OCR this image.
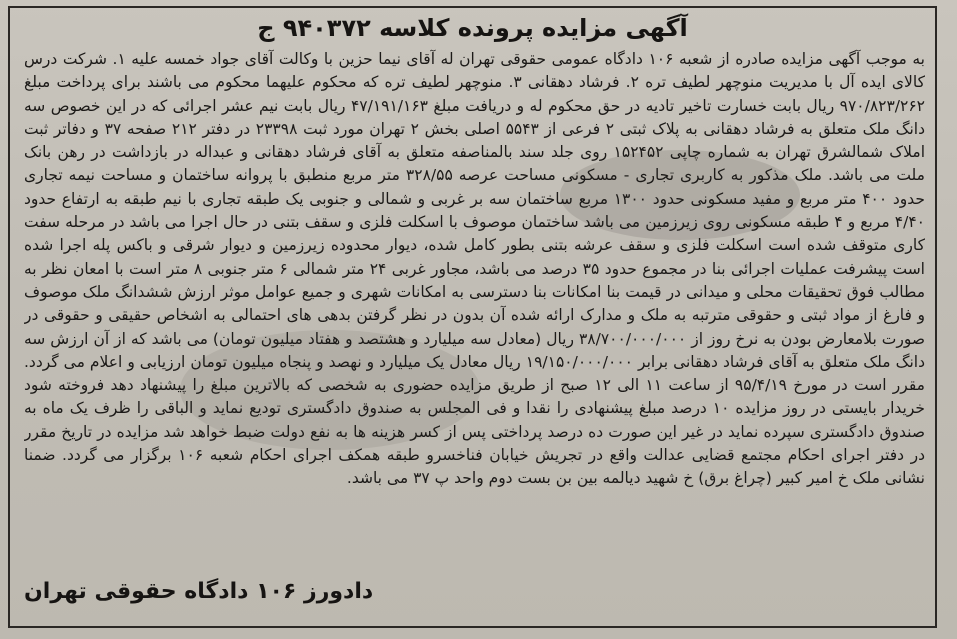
آگهی مزایده پرونده کلاسه ۹۴۰۳۷۲ ج
به موجب آگهی مزایده صادره از شعبه ۱۰۶ دادگاه عمومی حقوقی تهران له آقای نیما حزین با وکالت آقای جواد خمسه علیه ۱. شرکت درس کالای ایده آل با مدیریت منوچهر لطیف تره ۲. فرشاد دهقانی ۳. منوچهر لطیف تره که محکوم علیهما محکوم می باشند برای پرداخت مبلغ ۹۷۰/۸۲۳/۲۶۲ ریال بابت خسارت تاخیر تادیه در حق محکوم له و دریافت مبلغ ۴۷/۱۹۱/۱۶۳ ریال بابت نیم عشر اجرائی که در این خصوص سه دانگ ملک متعلق به فرشاد دهقانی به پلاک ثبتی ۲ فرعی از ۵۵۴۳ اصلی بخش ۲ تهران مورد ثبت ۲۳۳۹۸ در دفتر ۲۱۲ صفحه ۳۷ و دفاتر ثبت املاک شمالشرق تهران به شماره چاپی ۱۵۲۴۵۲ روی جلد سند بالمناصفه متعلق به آقای فرشاد دهقانی و عبداله در بازداشت در رهن بانک ملت می باشد. ملک مذکور به کاربری تجاری - مسکونی مساحت عرصه ۳۲۸/۵۵ متر مربع منطبق با پروانه ساختمان و مساحت نیمه تجاری حدود ۴۰۰ متر مربع و مفید مسکونی حدود ۱۳۰۰ مربع ساختمان سه بر غربی و شمالی و جنوبی یک طبقه تجاری با نیم طبقه به ارتفاع حدود ۴/۴۰ مربع و ۴ طبقه مسکونی روی زیرزمین می باشد ساختمان موصوف با اسکلت فلزی و سقف بتنی در حال اجرا می باشد در مرحله سفت کاری متوقف شده است اسکلت فلزی و سقف عرشه بتنی بطور کامل شده، دیوار محدوده زیرزمین و دیوار شرقی و باکس پله اجرا شده است پیشرفت عملیات اجرائی بنا در مجموع حدود ۳۵ درصد می باشد، مجاور غربی ۲۴ متر شمالی ۶ متر جنوبی ۸ متر است با امعان نظر به مطالب فوق تحقیقات محلی و میدانی در قیمت بنا امکانات بنا دسترسی به امکانات شهری و جمیع عوامل موثر ارزش ششدانگ ملک موصوف و فارغ از مواد ثبتی و حقوقی مترتبه به ملک و مدارک ارائه شده آن بدون در نظر گرفتن بدهی های احتمالی به اشخاص حقیقی و حقوقی در صورت بلامعارض بودن به نرخ روز از ۳۸/۷۰۰/۰۰۰/۰۰۰ ریال (معادل سه میلیارد و هشتصد و هفتاد میلیون تومان) می باشد که از آن ارزش سه دانگ ملک متعلق به آقای فرشاد دهقانی برابر ۱۹/۱۵۰/۰۰۰/۰۰۰ ریال معادل یک میلیارد و نهصد و پنجاه میلیون تومان ارزیابی و اعلام می گردد. مقرر است در مورخ ۹۵/۴/۱۹ از ساعت ۱۱ الی ۱۲ صبح از طریق مزایده حضوری به شخصی که بالاترین مبلغ را پیشنهاد دهد فروخته شود خریدار بایستی در روز مزایده ۱۰ درصد مبلغ پیشنهادی را نقدا و فی المجلس به صندوق دادگستری تودیع نماید و الباقی را ظرف یک ماه به صندوق دادگستری سپرده نماید در غیر این صورت ده درصد پرداختی پس از کسر هزینه ها به نفع دولت ضبط خواهد شد مزایده در تاریخ مقرر در دفتر اجرای احکام مجتمع قضایی عدالت واقع در تجریش خیابان فناخسرو طبقه همکف اجرای احکام شعبه ۱۰۶ برگزار می گردد. ضمنا نشانی ملک خ امیر کبیر (چراغ برق) خ شهید دیالمه بین بن بست دوم واحد پ ۳۷ می باشد.
دادورز ۱۰۶ دادگاه حقوقی تهران
